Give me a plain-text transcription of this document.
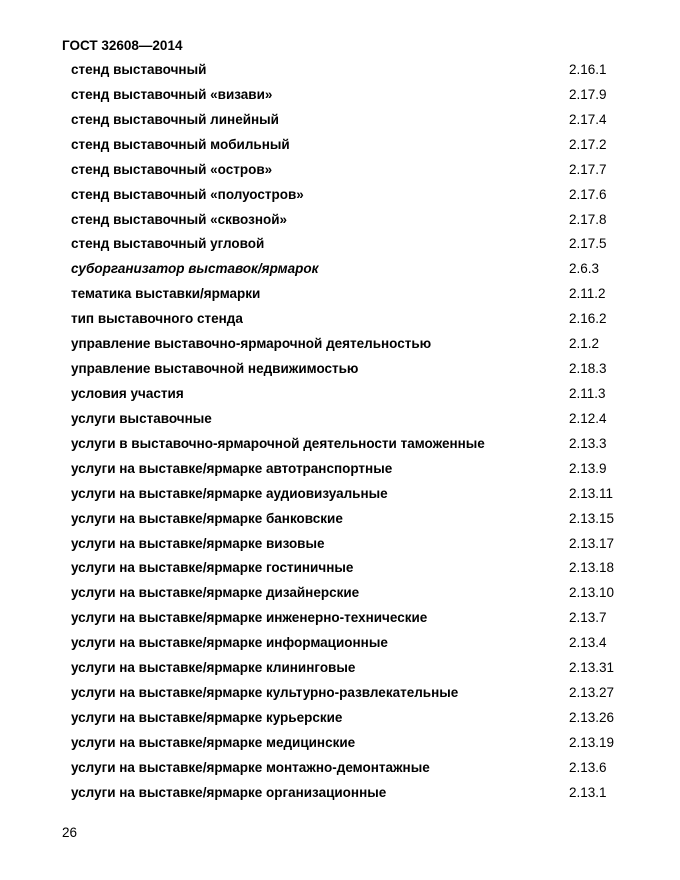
ГОСТ 32608—2014
стенд выставочный	2.16.1
стенд выставочный «визави»	2.17.9
стенд выставочный линейный	2.17.4
стенд выставочный мобильный	2.17.2
стенд выставочный «остров»	2.17.7
стенд выставочный «полуостров»	2.17.6
стенд выставочный «сквозной»	2.17.8
стенд выставочный угловой	2.17.5
суборганизатор выставок/ярмарок	2.6.3
тематика выставки/ярмарки	2.11.2
тип выставочного стенда	2.16.2
управление выставочно-ярмарочной деятельностью	2.1.2
управление выставочной недвижимостью	2.18.3
условия участия	2.11.3
услуги выставочные	2.12.4
услуги в выставочно-ярмарочной деятельности таможенные	2.13.3
услуги на выставке/ярмарке автотранспортные	2.13.9
услуги на выставке/ярмарке аудиовизуальные	2.13.11
услуги на выставке/ярмарке банковские	2.13.15
услуги на выставке/ярмарке визовые	2.13.17
услуги на выставке/ярмарке гостиничные	2.13.18
услуги на выставке/ярмарке дизайнерские	2.13.10
услуги на выставке/ярмарке инженерно-технические	2.13.7
услуги на выставке/ярмарке информационные	2.13.4
услуги на выставке/ярмарке клининговые	2.13.31
услуги на выставке/ярмарке культурно-развлекательные	2.13.27
услуги на выставке/ярмарке курьерские	2.13.26
услуги на выставке/ярмарке медицинские	2.13.19
услуги на выставке/ярмарке монтажно-демонтажные	2.13.6
услуги на выставке/ярмарке организационные	2.13.1
26
